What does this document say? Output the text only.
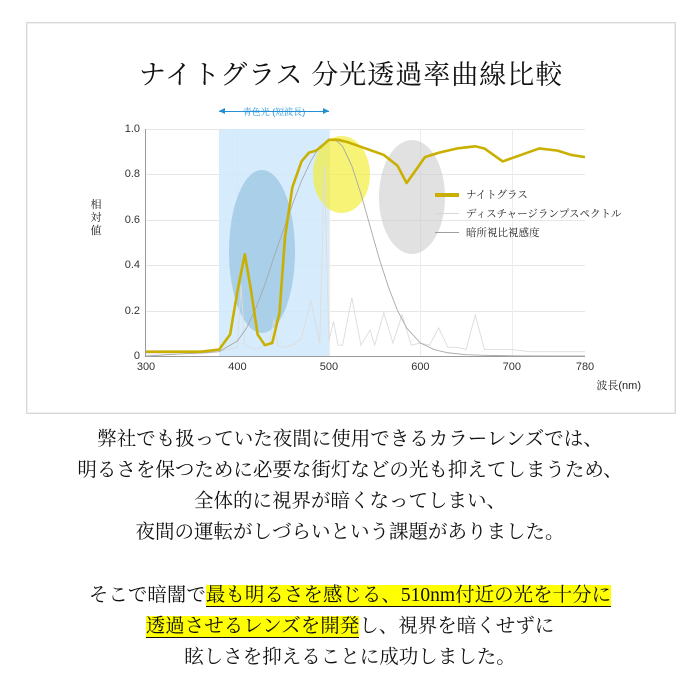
ナイトグラス 分光透過率曲線比較
相対値
波長(nm)
青色光 (短波長)
1.0
0.8
0.6
0.4
0.2
0
300	400	500	600	700	780
ナイトグラス
ディスチャージランプスペクトル
暗所視比視感度
弊社でも扱っていた夜間に使用できるカラーレンズでは、
明るさを保つために必要な街灯などの光も抑えてしまうため、
全体的に視界が暗くなってしまい、
夜間の運転がしづらいという課題がありました。
そこで暗闇で最も明るさを感じる、510nm付近の光を十分に
透過させるレンズを開発し、視界を暗くせずに
眩しさを抑えることに成功しました。
